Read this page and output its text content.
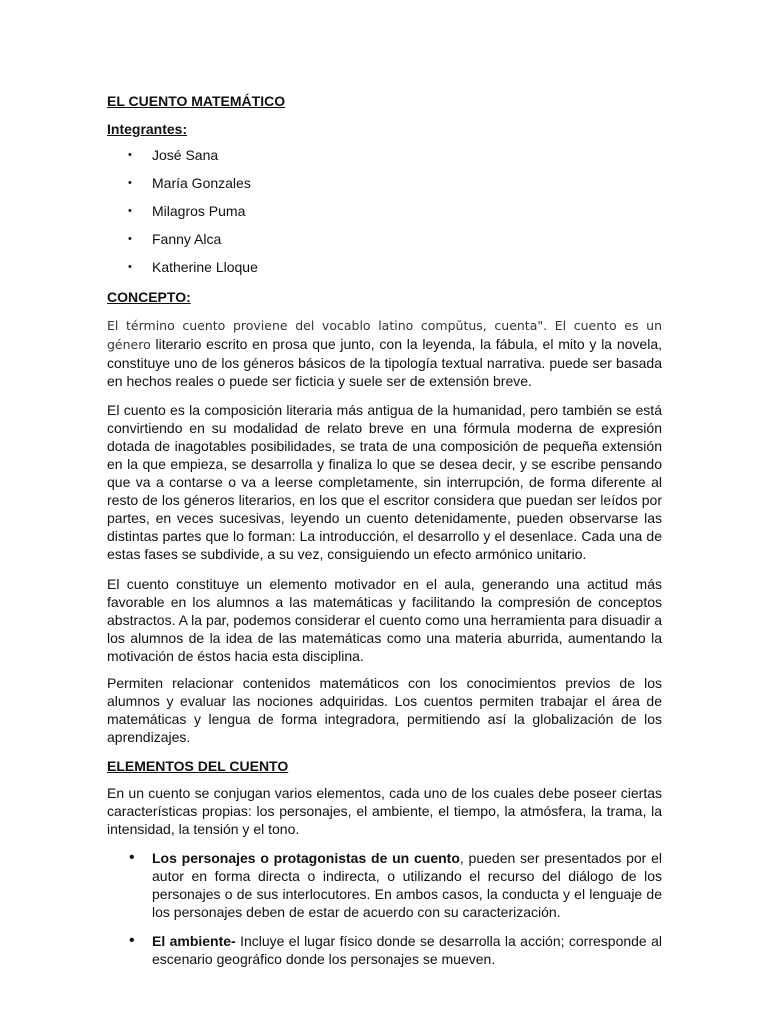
EL CUENTO MATEMÁTICO
Integrantes:
• José Sana
• María Gonzales
• Milagros Puma
• Fanny Alca
• Katherine Lloque
CONCEPTO:

El término cuento proviene del vocablo latino compŭtus, cuenta". El cuento es un género literario escrito en prosa que junto, con la leyenda, la fábula, el mito y la novela, constituye uno de los géneros básicos de la tipología textual narrativa. puede ser basada en hechos reales o puede ser ficticia y suele ser de extensión breve.

El cuento es la composición literaria más antigua de la humanidad, pero también se está convirtiendo en su modalidad de relato breve en una fórmula moderna de expresión dotada de inagotables posibilidades, se trata de una composición de pequeña extensión en la que empieza, se desarrolla y finaliza lo que se desea decir, y se escribe pensando que va a contarse o va a leerse completamente, sin interrupción, de forma diferente al resto de los géneros literarios, en los que el escritor considera que puedan ser leídos por partes, en veces sucesivas, leyendo un cuento detenidamente, pueden observarse las distintas partes que lo forman: La introducción, el desarrollo y el desenlace. Cada una de estas fases se subdivide, a su vez, consiguiendo un efecto armónico unitario.

El cuento constituye un elemento motivador en el aula, generando una actitud más favorable en los alumnos a las matemáticas y facilitando la compresión de conceptos abstractos. A la par, podemos considerar el cuento como una herramienta para disuadir a los alumnos de la idea de las matemáticas como una materia aburrida, aumentando la motivación de éstos hacia esta disciplina.

Permiten relacionar contenidos matemáticos con los conocimientos previos de los alumnos y evaluar las nociones adquiridas. Los cuentos permiten trabajar el área de matemáticas y lengua de forma integradora, permitiendo así la globalización de los aprendizajes.

ELEMENTOS DEL CUENTO

En un cuento se conjugan varios elementos, cada uno de los cuales debe poseer ciertas características propias: los personajes, el ambiente, el tiempo, la atmósfera, la trama, la intensidad, la tensión y el tono.

• Los personajes o protagonistas de un cuento, pueden ser presentados por el autor en forma directa o indirecta, o utilizando el recurso del diálogo de los personajes o de sus interlocutores. En ambos casos, la conducta y el lenguaje de los personajes deben de estar de acuerdo con su caracterización.
• El ambiente- Incluye el lugar físico donde se desarrolla la acción; corresponde al escenario geográfico donde los personajes se mueven.
